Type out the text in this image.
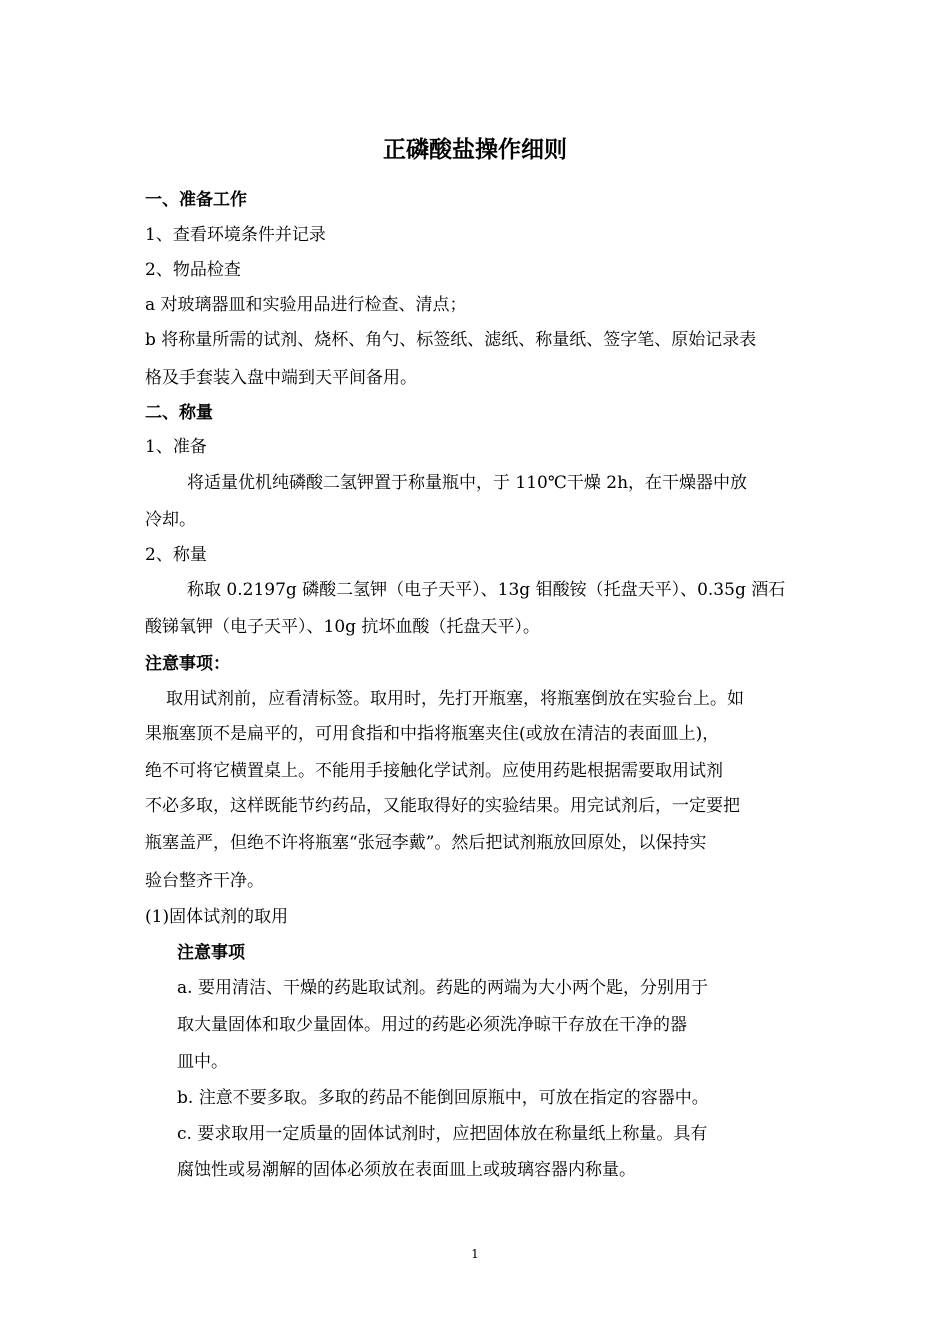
正磷酸盐操作细则
一、准备工作
1、查看环境条件并记录
2、物品检查
a 对玻璃器皿和实验用品进行检查、清点；
b 将称量所需的试剂、烧杯、角勺、标签纸、滤纸、称量纸、签字笔、原始记录表
格及手套装入盘中端到天平间备用。
二、称量
1、准备
将适量优机纯磷酸二氢钾置于称量瓶中，于 110℃干燥 2h，在干燥器中放
冷却。
2、称量
称取 0.2197g 磷酸二氢钾（电子天平）、13g 钼酸铵（托盘天平）、0.35g 酒石
酸锑氧钾（电子天平）、10g 抗坏血酸（托盘天平）。
注意事项：
取用试剂前，应看清标签。取用时，先打开瓶塞，将瓶塞倒放在实验台上。如
果瓶塞顶不是扁平的，可用食指和中指将瓶塞夹住(或放在清洁的表面皿上)，
绝不可将它横置桌上。不能用手接触化学试剂。应使用药匙根据需要取用试剂
不必多取，这样既能节约药品，又能取得好的实验结果。用完试剂后，一定要把
瓶塞盖严，但绝不许将瓶塞“张冠李戴”。然后把试剂瓶放回原处，以保持实
验台整齐干净。
(1)固体试剂的取用
注意事项
a. 要用清洁、干燥的药匙取试剂。药匙的两端为大小两个匙，分别用于
取大量固体和取少量固体。用过的药匙必须洗净晾干存放在干净的器
皿中。
b. 注意不要多取。多取的药品不能倒回原瓶中，可放在指定的容器中。
c. 要求取用一定质量的固体试剂时，应把固体放在称量纸上称量。具有
腐蚀性或易潮解的固体必须放在表面皿上或玻璃容器内称量。
1
